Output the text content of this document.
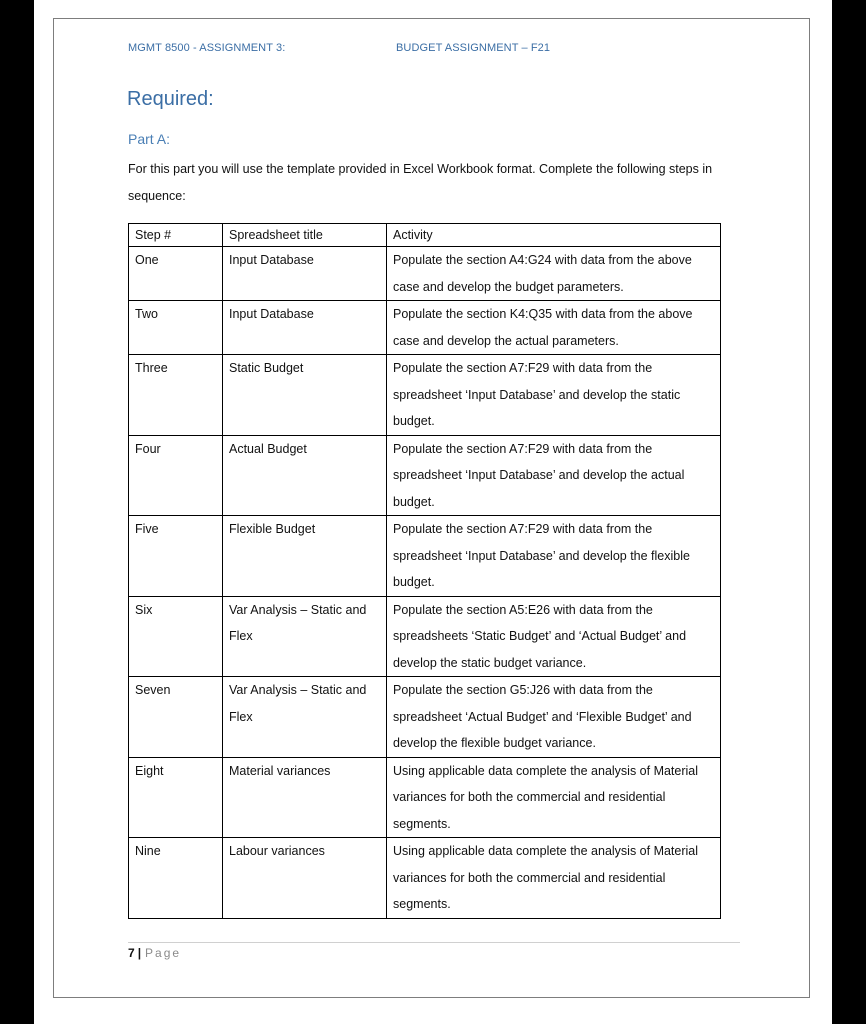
MGMT 8500 - ASSIGNMENT 3:	BUDGET ASSIGNMENT – F21
Required:
Part A:
For this part you will use the template provided in Excel Workbook format. Complete the following steps in sequence:
Step #	Spreadsheet title	Activity
One	Input Database	Populate the section A4:G24 with data from the above case and develop the budget parameters.
Two	Input Database	Populate the section K4:Q35 with data from the above case and develop the actual parameters.
Three	Static Budget	Populate the section A7:F29 with data from the spreadsheet ‘Input Database’ and develop the static budget.
Four	Actual Budget	Populate the section A7:F29 with data from the spreadsheet ‘Input Database’ and develop the actual budget.
Five	Flexible Budget	Populate the section A7:F29 with data from the spreadsheet ‘Input Database’ and develop the flexible budget.
Six	Var Analysis – Static and Flex	Populate the section A5:E26 with data from the spreadsheets ‘Static Budget’ and ‘Actual Budget’ and develop the static budget variance.
Seven	Var Analysis – Static and Flex	Populate the section G5:J26 with data from the spreadsheet ‘Actual Budget’ and ‘Flexible Budget’ and develop the flexible budget variance.
Eight	Material variances	Using applicable data complete the analysis of Material variances for both the commercial and residential segments.
Nine	Labour variances	Using applicable data complete the analysis of Material variances for both the commercial and residential segments.
7 | Page
